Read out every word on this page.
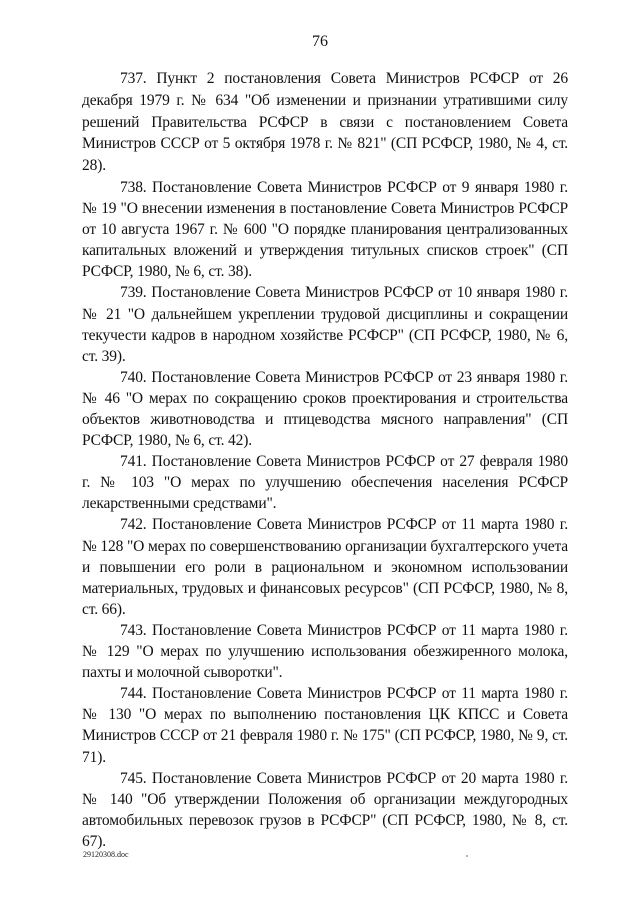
76

737. Пункт 2 постановления Совета Министров РСФСР от 26 декабря 1979 г. № 634 "Об изменении и признании утратившими силу решений Правительства РСФСР в связи с постановлением Совета Министров СССР от 5 октября 1978 г. № 821" (СП РСФСР, 1980, № 4, ст. 28).

738. Постановление Совета Министров РСФСР от 9 января 1980 г. № 19 "О внесении изменения в постановление Совета Министров РСФСР от 10 августа 1967 г. № 600 "О порядке планирования централизованных капитальных вложений и утверждения титульных списков строек" (СП РСФСР, 1980, № 6, ст. 38).

739. Постановление Совета Министров РСФСР от 10 января 1980 г. № 21 "О дальнейшем укреплении трудовой дисциплины и сокращении текучести кадров в народном хозяйстве РСФСР" (СП РСФСР, 1980, № 6, ст. 39).

740. Постановление Совета Министров РСФСР от 23 января 1980 г. № 46 "О мерах по сокращению сроков проектирования и строительства объектов животноводства и птицеводства мясного направления" (СП РСФСР, 1980, № 6, ст. 42).

741. Постановление Совета Министров РСФСР от 27 февраля 1980 г. № 103 "О мерах по улучшению обеспечения населения РСФСР лекарственными средствами".

742. Постановление Совета Министров РСФСР от 11 марта 1980 г. № 128 "О мерах по совершенствованию организации бухгалтерского учета и повышении его роли в рациональном и экономном использовании материальных, трудовых и финансовых ресурсов" (СП РСФСР, 1980, № 8, ст. 66).

743. Постановление Совета Министров РСФСР от 11 марта 1980 г. № 129 "О мерах по улучшению использования обезжиренного молока, пахты и молочной сыворотки".

744. Постановление Совета Министров РСФСР от 11 марта 1980 г. № 130 "О мерах по выполнению постановления ЦК КПСС и Совета Министров СССР от 21 февраля 1980 г. № 175" (СП РСФСР, 1980, № 9, ст. 71).

745. Постановление Совета Министров РСФСР от 20 марта 1980 г. № 140 "Об утверждении Положения об организации междугородных автомобильных перевозок грузов в РСФСР" (СП РСФСР, 1980, № 8, ст. 67).

29120308.doc
